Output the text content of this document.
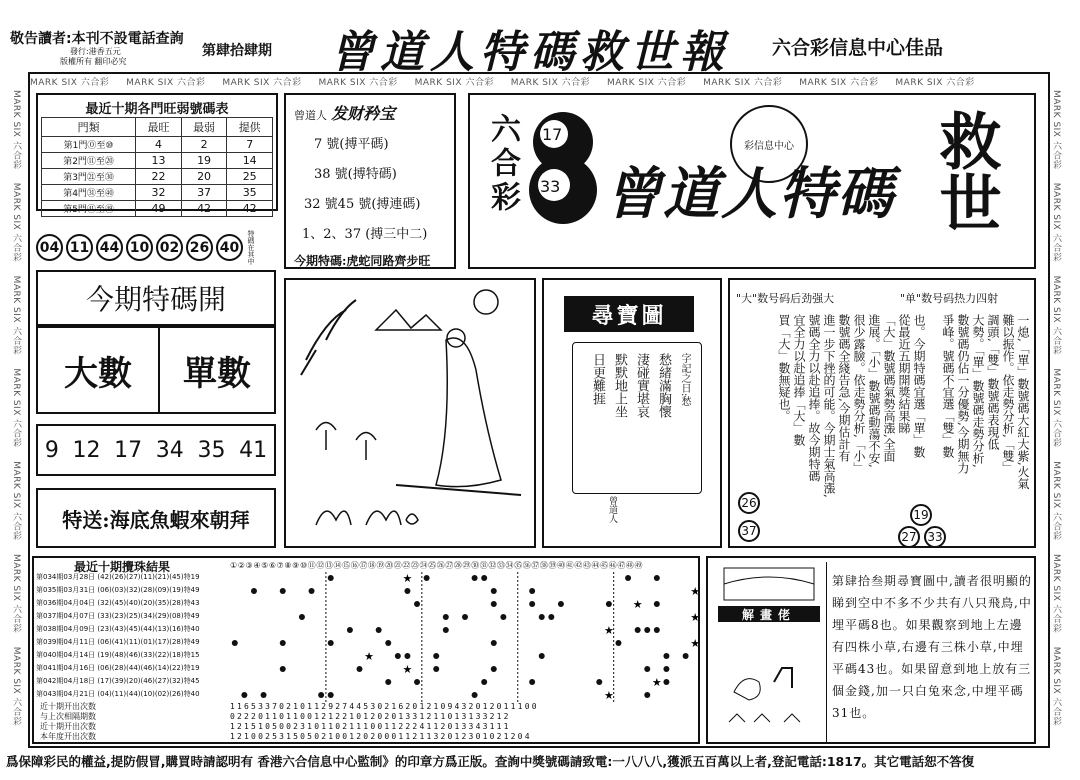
敬告讀者:本刊不設電話查詢
發行:港香五元
版權所有 翻印必究
第肆拾肆期 曾道人特碼救世報 六合彩信息中心佳品
MARK SIX 六合彩 MARK SIX 六合彩 MARK SIX 六合彩 MARK SIX 六合彩 MARK SIX 六合彩 MARK SIX 六合彩 MARK SIX 六合彩 MARK SIX 六合彩 MARK SIX 六合彩 MARK SIX 六合彩
MARK SIX 六合彩    MARK SIX 六合彩    MARK SIX 六合彩    MARK SIX 六合彩    MARK SIX 六合彩    MARK SIX 六合彩    MARK SIX 六合彩
MARK SIX 六合彩    MARK SIX 六合彩    MARK SIX 六合彩    MARK SIX 六合彩    MARK SIX 六合彩    MARK SIX 六合彩    MARK SIX 六合彩
最近十期各門旺弱號碼表
門類	最旺	最弱	提供
第1門⓪至⑩	4	2	7
第2門⑪至⑳	13	19	14
第3門㉑至㉚	22	20	25
第4門㉛至㊵	32	37	35
第5門㊶至㊾	49	42	42
曾道人 发财矜宝
7 號(搏平碼)
38 號(搏特碼)
32 號45 號(搏連碼)
1、2、37 (搏三中二)
今期特碼:虎蛇同路齊步旺
04 11 44 10 02 26 40	特碼在其中
六合彩 17
33 曾道人特碼
彩信息中心 救世
今期特碼開
大數	單數
9 12 17 34 35 41
特送:海底魚蝦來朝拜
尋寶圖
字記之日:愁
愁緒滿胸懷
淒碰實堪哀
默默地上坐
日更難捱
曾道人
"大"数号码后劲强大	"单"数号码热力四射
一熄,「單」數號碼大紅大紫,火氣
難以振作。依走勢分析,「雙」
調頭,「雙」數號碼表現低
大勢。「單」數號碼走勢分析,
數號碼仍佔一分優勢,今期無力
爭峰。號碼不宜選「雙」數
也。今期特碼宜選「單」數
從最近五期開獎結果睇
「大」數號碼氣勢高漲,全面
進展。「小」數號碼動蕩不安,
很少露臉。依走勢分析,「小」
數號碼全綫告急,今期估計有
進一步下挫的可能。今期士氣高漲,
號碼全力以赴追捧。故今期特碼
宜全力以赴追捧「大」數
買「大」數無疑也。
26
37
19
27 33
最近十期攪珠結果	①②③④⑤⑥⑦⑧⑨⑩⑪⑫⑬⑭⑮⑯⑰⑱⑲⑳㉑㉒㉓㉔㉕㉖㉗㉘㉙㉚㉛㉜㉝㉞㉟㊱㊲㊳㊴㊵㊶㊷㊸㊹㊺㊻㊼㊽㊾
第034期03月28日 (42)(26)(27)(11)(21)(45)特19
第035期03月31日 (06)(03)(32)(28)(09)(19)特49
第036期04月04日 (32)(45)(40)(20)(35)(28)特43
第037期04月07日 (33)(23)(25)(34)(29)(08)特49
第038期04月09日 (23)(43)(45)(44)(13)(16)特40
第039期04月11日 (06)(41)(11)(01)(17)(28)特49
第040期04月14日 (19)(48)(46)(33)(22)(18)特15
第041期04月16日 (06)(28)(44)(46)(14)(22)特19
第042期04月18日 (17)(39)(20)(46)(27)(32)特45
第043期04月21日 (04)(11)(44)(10)(02)(26)特40
★
★
★
★
★
★
★
★
★
★
近十期开出次数
与上次相隔期数
近十期开出次数
本年度开出次数
11653370210112927445302162012109432012011100
0222011011001212210120201331211013133212
1215105002310110211100112224112013343111
1210025315050210012020001121132012301021204
解畫佬
第肆拾叁期尋寶圖中,讀者很明顯的睇到空中不多不少共有八只飛鳥,中埋平碼8也。如果觀察到地上左邊有四株小草,右邊有三株小草,中埋平碼43也。如果留意到地上放有三個金錢,加一只白兔來念,中埋平碼31也。
爲保障彩民的權益,提防假冒,購買時請認明有 香港六合信息中心監制》的印章方爲正版。查詢中獎號碼請致電:一八八八,獲派五百萬以上者,登記電話:1817。其它電話恕不答復
